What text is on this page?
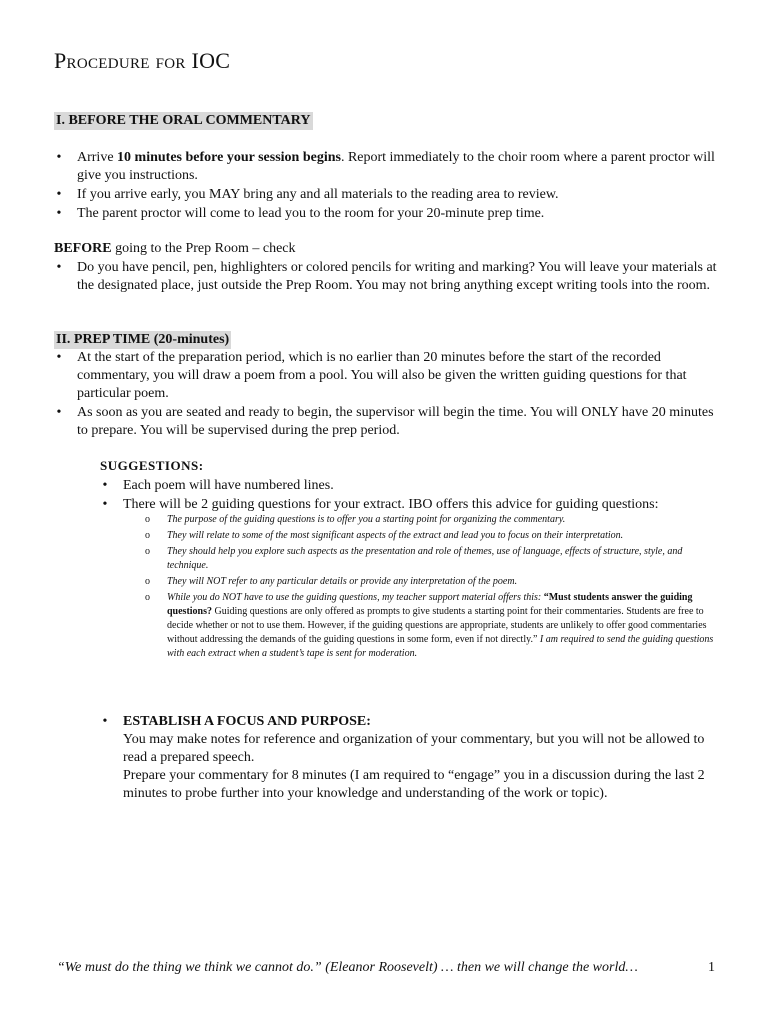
Procedure for IOC
I. BEFORE THE ORAL COMMENTARY
• Arrive 10 minutes before your session begins. Report immediately to the choir room where a parent proctor will give you instructions.
• If you arrive early, you MAY bring any and all materials to the reading area to review.
• The parent proctor will come to lead you to the room for your 20-minute prep time.
BEFORE going to the Prep Room – check
• Do you have pencil, pen, highlighters or colored pencils for writing and marking? You will leave your materials at the designated place, just outside the Prep Room. You may not bring anything except writing tools into the room.
II. PREP TIME (20-minutes)
• At the start of the preparation period, which is no earlier than 20 minutes before the start of the recorded commentary, you will draw a poem from a pool. You will also be given the written guiding questions for that particular poem.
• As soon as you are seated and ready to begin, the supervisor will begin the time. You will ONLY have 20 minutes to prepare. You will be supervised during the prep period.
SUGGESTIONS:
• Each poem will have numbered lines.
• There will be 2 guiding questions for your extract. IBO offers this advice for guiding questions:
o The purpose of the guiding questions is to offer you a starting point for organizing the commentary.
o They will relate to some of the most significant aspects of the extract and lead you to focus on their interpretation.
o They should help you explore such aspects as the presentation and role of themes, use of language, effects of structure, style, and technique.
o They will NOT refer to any particular details or provide any interpretation of the poem.
o While you do NOT have to use the guiding questions, my teacher support material offers this: “Must students answer the guiding questions? Guiding questions are only offered as prompts to give students a starting point for their commentaries. Students are free to decide whether or not to use them. However, if the guiding questions are appropriate, students are unlikely to offer good commentaries without addressing the demands of the guiding questions in some form, even if not directly.” I am required to send the guiding questions with each extract when a student’s tape is sent for moderation.
• ESTABLISH A FOCUS AND PURPOSE:
You may make notes for reference and organization of your commentary, but you will not be allowed to read a prepared speech.
Prepare your commentary for 8 minutes (I am required to “engage” you in a discussion during the last 2 minutes to probe further into your knowledge and understanding of the work or topic).
“We must do the thing we think we cannot do.” (Eleanor Roosevelt) … then we will change the world…	1
